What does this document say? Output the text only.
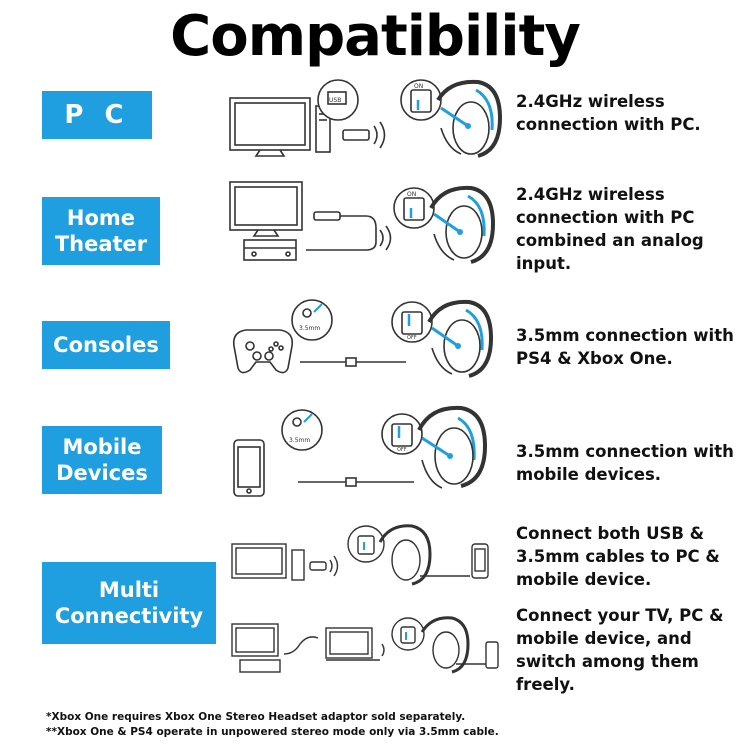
Compatibility
P C	USB
ON
2.4GHz wireless
connection with PC.
Home
Theater
ON	2.4GHz wireless
connection with PC
combined an analog
input.
Consoles
3.5mm
OFF	3.5mm connection with
PS4 & Xbox One.
Mobile
Devices
3.5mm
OFF	3.5mm connection with
mobile devices.
Multi
Connectivity
Connect both USB &
3.5mm cables to PC &
mobile device.
Connect your TV, PC &
mobile device, and
switch among them
freely.
*Xbox One requires Xbox One Stereo Headset adaptor sold separately.
**Xbox One & PS4 operate in unpowered stereo mode only via 3.5mm cable.
